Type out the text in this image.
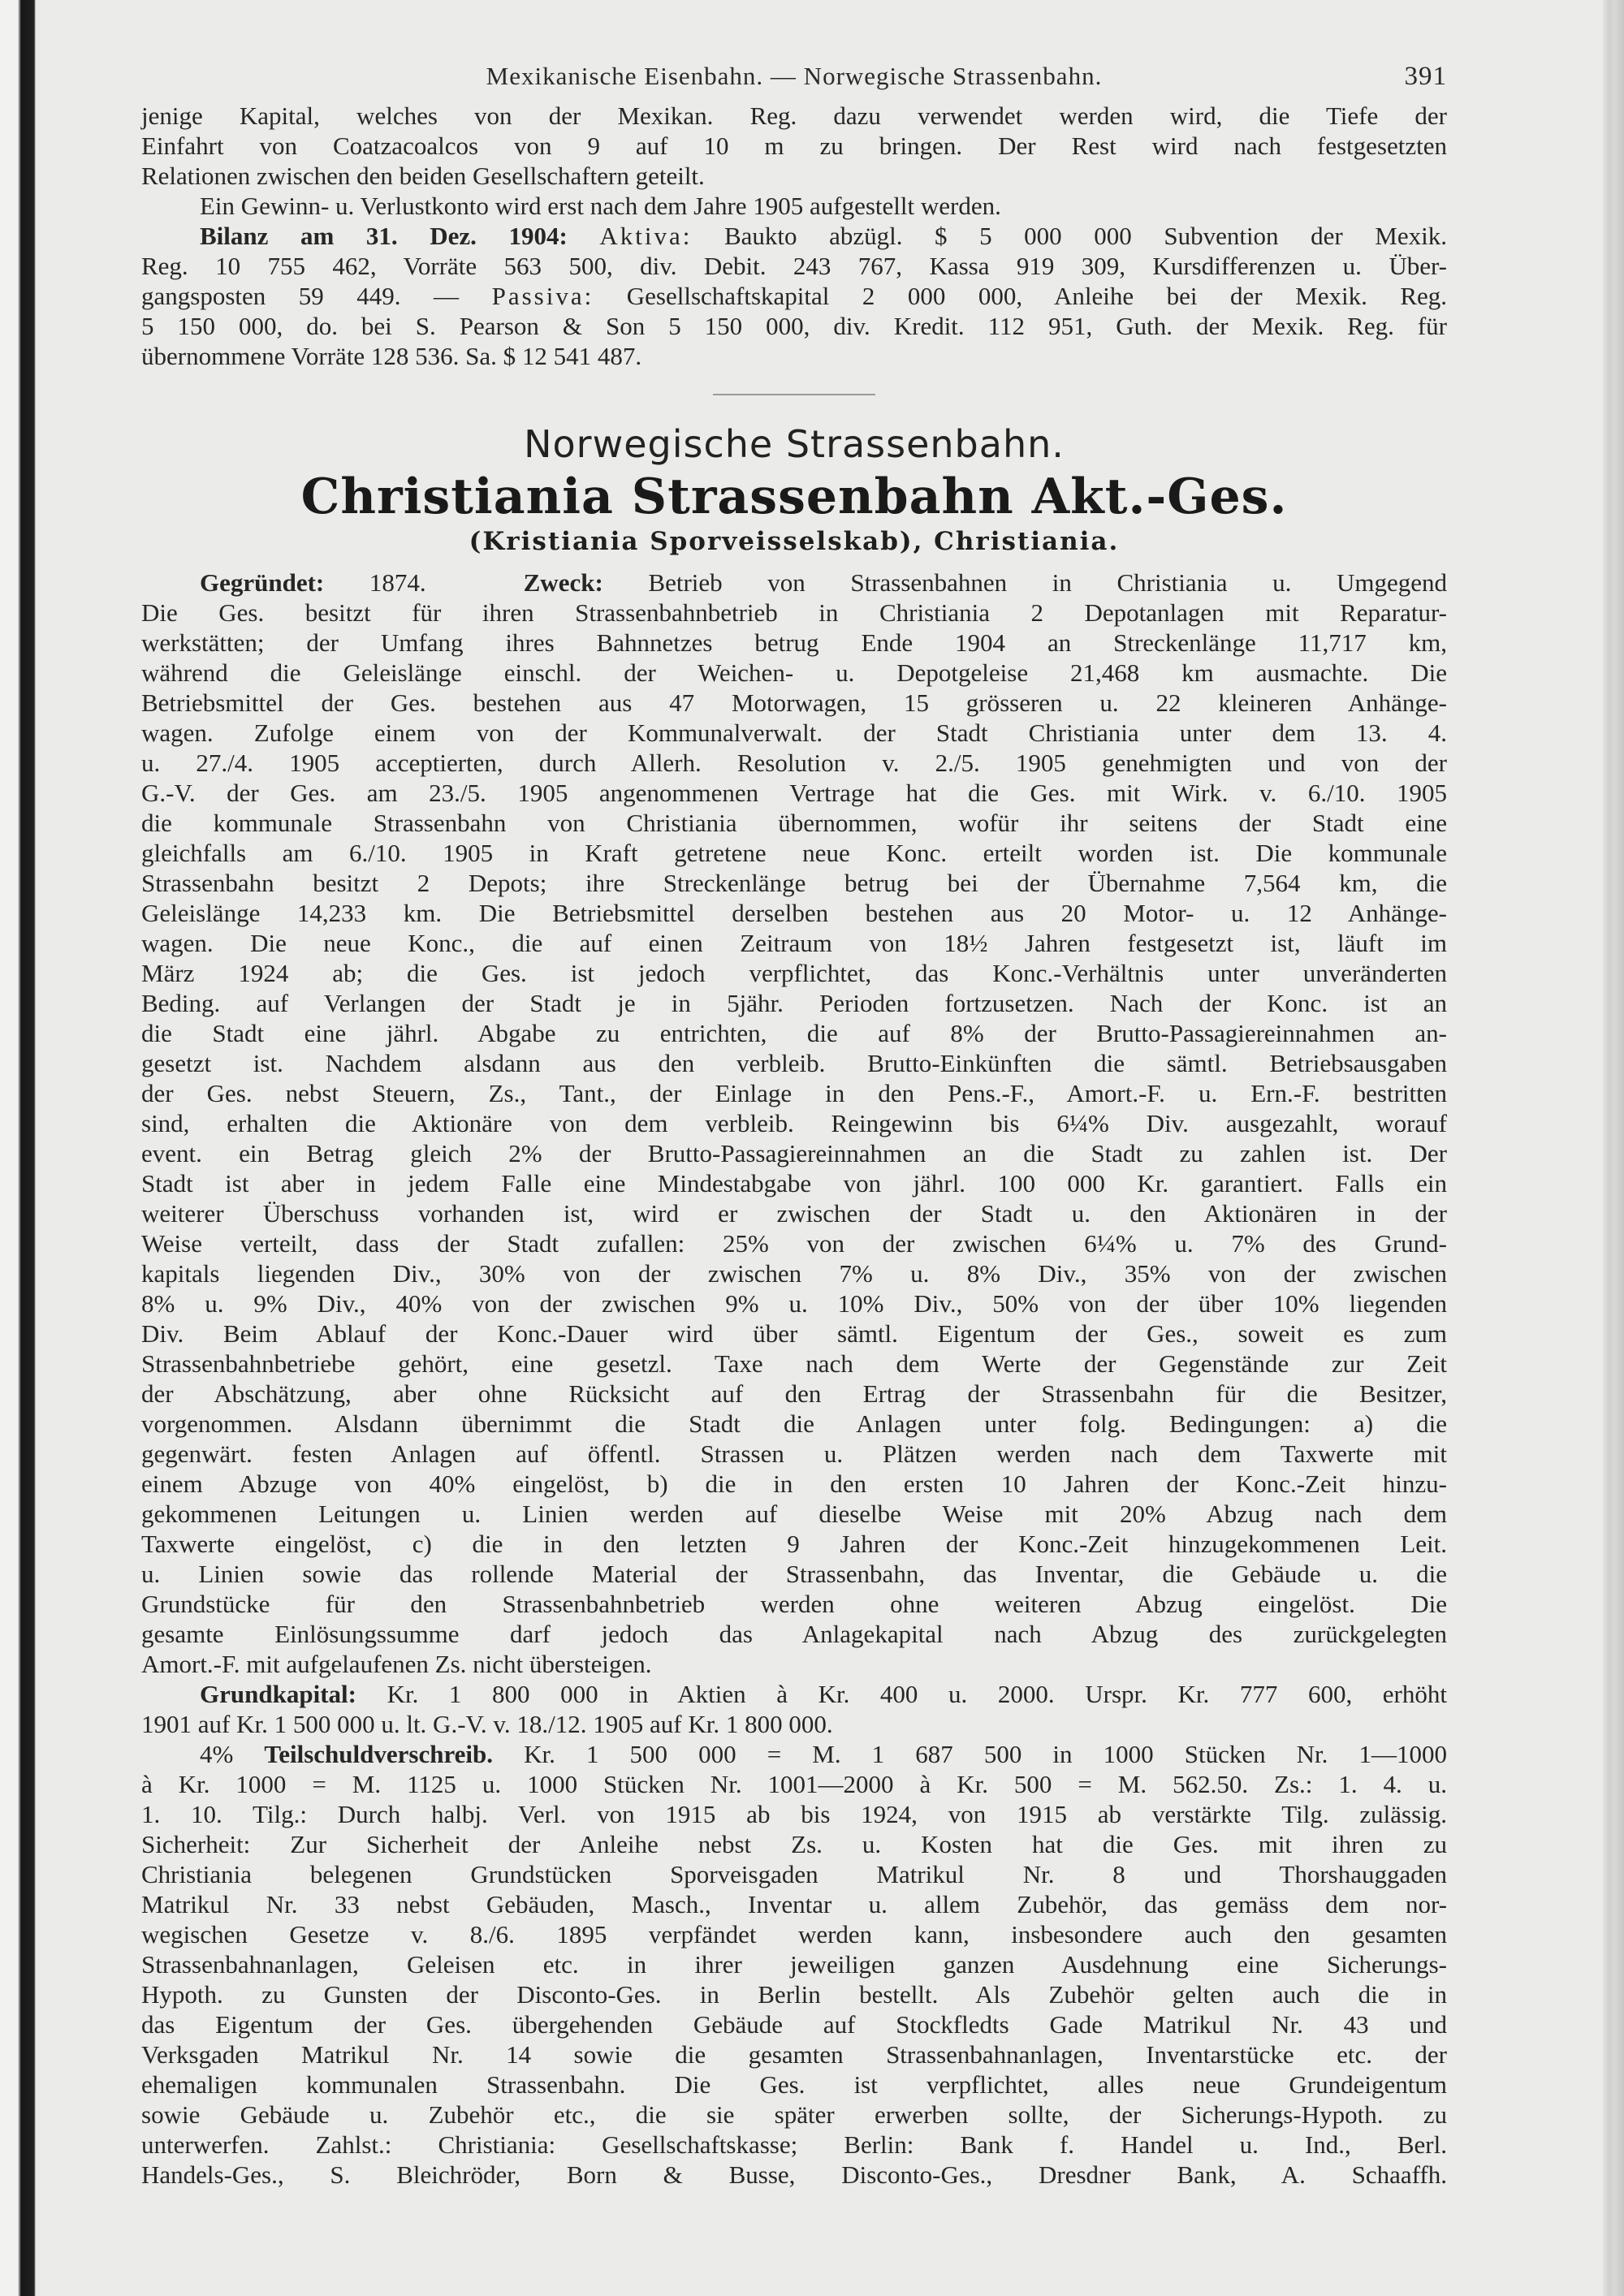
Mexikanische Eisenbahn. — Norwegische Strassenbahn.	391

jenige Kapital, welches von der Mexikan. Reg. dazu verwendet werden wird, die Tiefe der

Einfahrt von Coatzacoalcos von 9 auf 10 m zu bringen. Der Rest wird nach festgesetzten

Relationen zwischen den beiden Gesellschaftern geteilt.

Ein Gewinn- u. Verlustkonto wird erst nach dem Jahre 1905 aufgestellt werden.

Bilanz am 31. Dez. 1904: Aktiva: Baukto abzügl. $ 5 000 000 Subvention der Mexik.

Reg. 10 755 462, Vorräte 563 500, div. Debit. 243 767, Kassa 919 309, Kursdifferenzen u. Über-

gangsposten 59 449. — Passiva: Gesellschaftskapital 2 000 000, Anleihe bei der Mexik. Reg.

5 150 000, do. bei S. Pearson & Son 5 150 000, div. Kredit. 112 951, Guth. der Mexik. Reg. für

übernommene Vorräte 128 536. Sa. $ 12 541 487.

Norwegische Strassenbahn.
Christiania Strassenbahn Akt.-Ges.
(Kristiania Sporveisselskab), Christiania.

Gegründet: 1874.	Zweck: Betrieb von Strassenbahnen in Christiania u. Umgegend

Die Ges. besitzt für ihren Strassenbahnbetrieb in Christiania 2 Depotanlagen mit Reparatur-

werkstätten; der Umfang ihres Bahnnetzes betrug Ende 1904 an Streckenlänge 11,717 km,

während die Geleislänge einschl. der Weichen- u. Depotgeleise 21,468 km ausmachte. Die

Betriebsmittel der Ges. bestehen aus 47 Motorwagen, 15 grösseren u. 22 kleineren Anhänge-

wagen. Zufolge einem von der Kommunalverwalt. der Stadt Christiania unter dem 13. 4.

u. 27./4. 1905 acceptierten, durch Allerh. Resolution v. 2./5. 1905 genehmigten und von der

G.-V. der Ges. am 23./5. 1905 angenommenen Vertrage hat die Ges. mit Wirk. v. 6./10. 1905

die kommunale Strassenbahn von Christiania übernommen, wofür ihr seitens der Stadt eine

gleichfalls am 6./10. 1905 in Kraft getretene neue Konc. erteilt worden ist. Die kommunale

Strassenbahn besitzt 2 Depots; ihre Streckenlänge betrug bei der Übernahme 7,564 km, die

Geleislänge 14,233 km. Die Betriebsmittel derselben bestehen aus 20 Motor- u. 12 Anhänge-

wagen. Die neue Konc., die auf einen Zeitraum von 18½ Jahren festgesetzt ist, läuft im

März 1924 ab; die Ges. ist jedoch verpflichtet, das Konc.-Verhältnis unter unveränderten

Beding. auf Verlangen der Stadt je in 5jähr. Perioden fortzusetzen. Nach der Konc. ist an

die Stadt eine jährl. Abgabe zu entrichten, die auf 8% der Brutto-Passagiereinnahmen an-

gesetzt ist. Nachdem alsdann aus den verbleib. Brutto-Einkünften die sämtl. Betriebsausgaben

der Ges. nebst Steuern, Zs., Tant., der Einlage in den Pens.-F., Amort.-F. u. Ern.-F. bestritten

sind, erhalten die Aktionäre von dem verbleib. Reingewinn bis 6¼% Div. ausgezahlt, worauf

event. ein Betrag gleich 2% der Brutto-Passagiereinnahmen an die Stadt zu zahlen ist. Der

Stadt ist aber in jedem Falle eine Mindestabgabe von jährl. 100 000 Kr. garantiert. Falls ein

weiterer Überschuss vorhanden ist, wird er zwischen der Stadt u. den Aktionären in der

Weise verteilt, dass der Stadt zufallen: 25% von der zwischen 6¼% u. 7% des Grund-

kapitals liegenden Div., 30% von der zwischen 7% u. 8% Div., 35% von der zwischen

8% u. 9% Div., 40% von der zwischen 9% u. 10% Div., 50% von der über 10% liegenden

Div. Beim Ablauf der Konc.-Dauer wird über sämtl. Eigentum der Ges., soweit es zum

Strassenbahnbetriebe gehört, eine gesetzl. Taxe nach dem Werte der Gegenstände zur Zeit

der Abschätzung, aber ohne Rücksicht auf den Ertrag der Strassenbahn für die Besitzer,

vorgenommen. Alsdann übernimmt die Stadt die Anlagen unter folg. Bedingungen: a) die

gegenwärt. festen Anlagen auf öffentl. Strassen u. Plätzen werden nach dem Taxwerte mit

einem Abzuge von 40% eingelöst, b) die in den ersten 10 Jahren der Konc.-Zeit hinzu-

gekommenen Leitungen u. Linien werden auf dieselbe Weise mit 20% Abzug nach dem

Taxwerte eingelöst, c) die in den letzten 9 Jahren der Konc.-Zeit hinzugekommenen Leit.

u. Linien sowie das rollende Material der Strassenbahn, das Inventar, die Gebäude u. die

Grundstücke für den Strassenbahnbetrieb werden ohne weiteren Abzug eingelöst. Die

gesamte Einlösungssumme darf jedoch das Anlagekapital nach Abzug des zurückgelegten

Amort.-F. mit aufgelaufenen Zs. nicht übersteigen.

Grundkapital: Kr. 1 800 000 in Aktien à Kr. 400 u. 2000. Urspr. Kr. 777 600, erhöht

1901 auf Kr. 1 500 000 u. lt. G.-V. v. 18./12. 1905 auf Kr. 1 800 000.

4% Teilschuldverschreib. Kr. 1 500 000 = M. 1 687 500 in 1000 Stücken Nr. 1—1000

à Kr. 1000 = M. 1125 u. 1000 Stücken Nr. 1001—2000 à Kr. 500 = M. 562.50. Zs.: 1. 4. u.

1. 10. Tilg.: Durch halbj. Verl. von 1915 ab bis 1924, von 1915 ab verstärkte Tilg. zulässig.

Sicherheit: Zur Sicherheit der Anleihe nebst Zs. u. Kosten hat die Ges. mit ihren zu

Christiania belegenen Grundstücken Sporveisgaden Matrikul Nr. 8 und Thorshauggaden

Matrikul Nr. 33 nebst Gebäuden, Masch., Inventar u. allem Zubehör, das gemäss dem nor-

wegischen Gesetze v. 8./6. 1895 verpfändet werden kann, insbesondere auch den gesamten

Strassenbahnanlagen, Geleisen etc. in ihrer jeweiligen ganzen Ausdehnung eine Sicherungs-

Hypoth. zu Gunsten der Disconto-Ges. in Berlin bestellt. Als Zubehör gelten auch die in

das Eigentum der Ges. übergehenden Gebäude auf Stockfledts Gade Matrikul Nr. 43 und

Verksgaden Matrikul Nr. 14 sowie die gesamten Strassenbahnanlagen, Inventarstücke etc. der

ehemaligen kommunalen Strassenbahn. Die Ges. ist verpflichtet, alles neue Grundeigentum

sowie Gebäude u. Zubehör etc., die sie später erwerben sollte, der Sicherungs-Hypoth. zu

unterwerfen. Zahlst.: Christiania: Gesellschaftskasse; Berlin: Bank f. Handel u. Ind., Berl.

Handels-Ges., S. Bleichröder, Born & Busse, Disconto-Ges., Dresdner Bank, A. Schaaffh.
